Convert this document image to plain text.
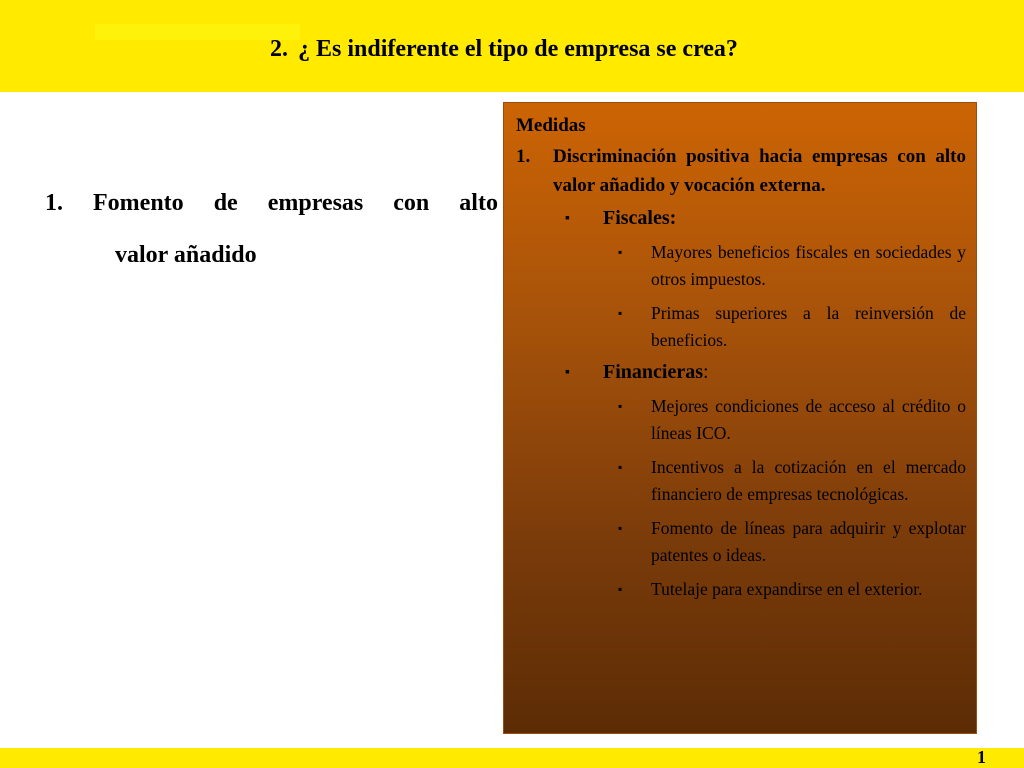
2. ¿ Es indiferente el tipo de empresa se crea?
1. Fomento de empresas con alto
valor añadido
Medidas
1.	Discriminación positiva hacia empresas con alto valor añadido y vocación externa.
▪	Fiscales:
▪	Mayores beneficios fiscales en sociedades y otros impuestos.
▪	Primas superiores a la reinversión de beneficios.
▪	Financieras:
▪	Mejores condiciones de acceso al crédito o líneas ICO.
▪	Incentivos a la cotización en el mercado financiero de empresas tecnológicas.
▪	Fomento de líneas para adquirir y explotar patentes o ideas.
▪	Tutelaje para expandirse en el exterior.
1
